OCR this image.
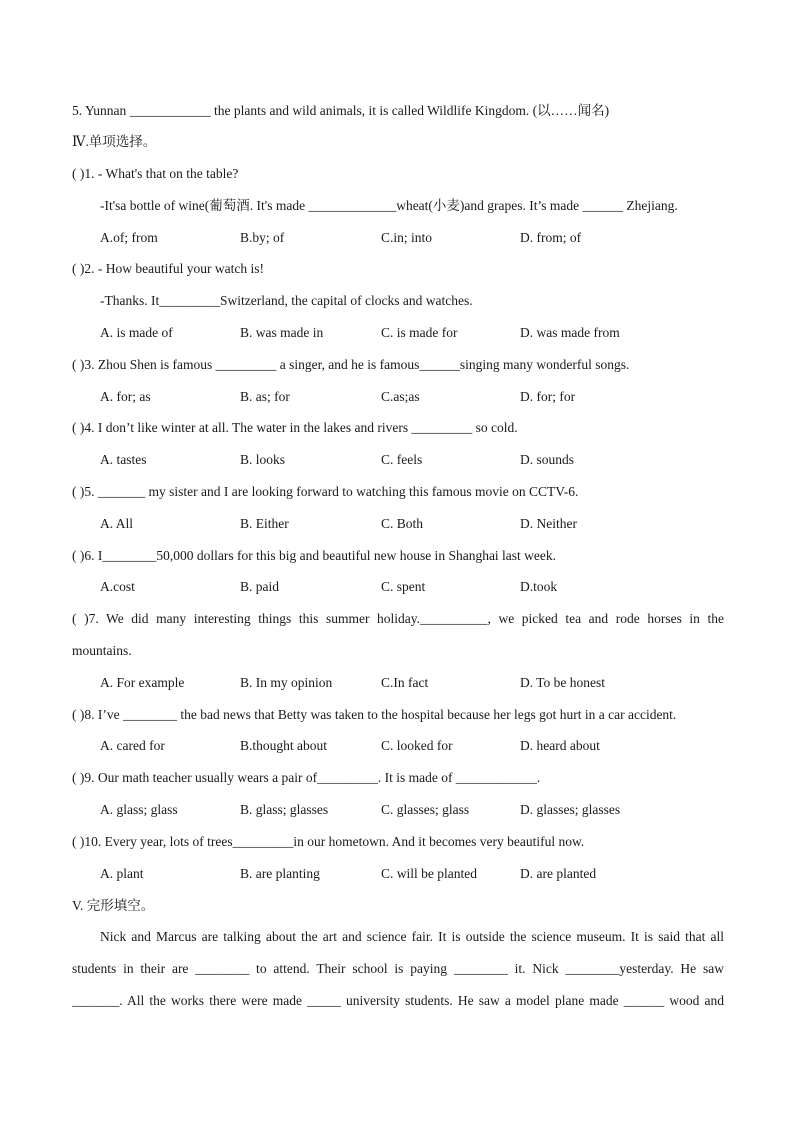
5. Yunnan ____________ the plants and wild animals, it is called Wildlife Kingdom. (以……闻名)
Ⅳ.单项选择。
( )1. - What's that on the table?
-It'sa bottle of wine(葡萄酒. It's made _____________wheat(小麦)and grapes. It’s made ______ Zhejiang.
A.of; from	B.by; of	C.in; into	D. from; of
( )2. - How beautiful your watch is!
-Thanks. It_________Switzerland, the capital of clocks and watches.
A. is made of	B. was made in	C. is made for	D. was made from
( )3. Zhou Shen is famous _________ a singer, and he is famous______singing many wonderful songs.
A. for; as	B. as; for	C.as;as	D. for; for
( )4. I don’t like winter at all. The water in the lakes and rivers _________ so cold.
A. tastes	B. looks	C. feels	D. sounds
( )5. _______ my sister and I are looking forward to watching this famous movie on CCTV-6.
A. All	B. Either	C. Both	D. Neither
( )6. I________50,000 dollars for this big and beautiful new house in Shanghai last week.
A.cost	B. paid	C. spent	D.took
( )7. We did many interesting things this summer holiday.__________, we picked tea and rode horses in the
mountains.
A. For example	B. In my opinion	C.In fact	D. To be honest
( )8. I’ve ________ the bad news that Betty was taken to the hospital because her legs got hurt in a car accident.
A. cared for	B.thought about	C. looked for	D. heard about
( )9. Our math teacher usually wears a pair of_________. It is made of ____________.
A. glass; glass	B. glass; glasses	C. glasses; glass	D. glasses; glasses
( )10. Every year, lots of trees_________in our hometown. And it becomes very beautiful now.
A. plant	B. are planting	C. will be planted	D. are planted
V. 完形填空。
Nick and Marcus are talking about the art and science fair. It is outside the science museum. It is said that all
students in their are ________ to attend. Their school is paying ________ it. Nick ________yesterday. He saw
_______. All the works there were made _____ university students. He saw a model plane made ______ wood and
